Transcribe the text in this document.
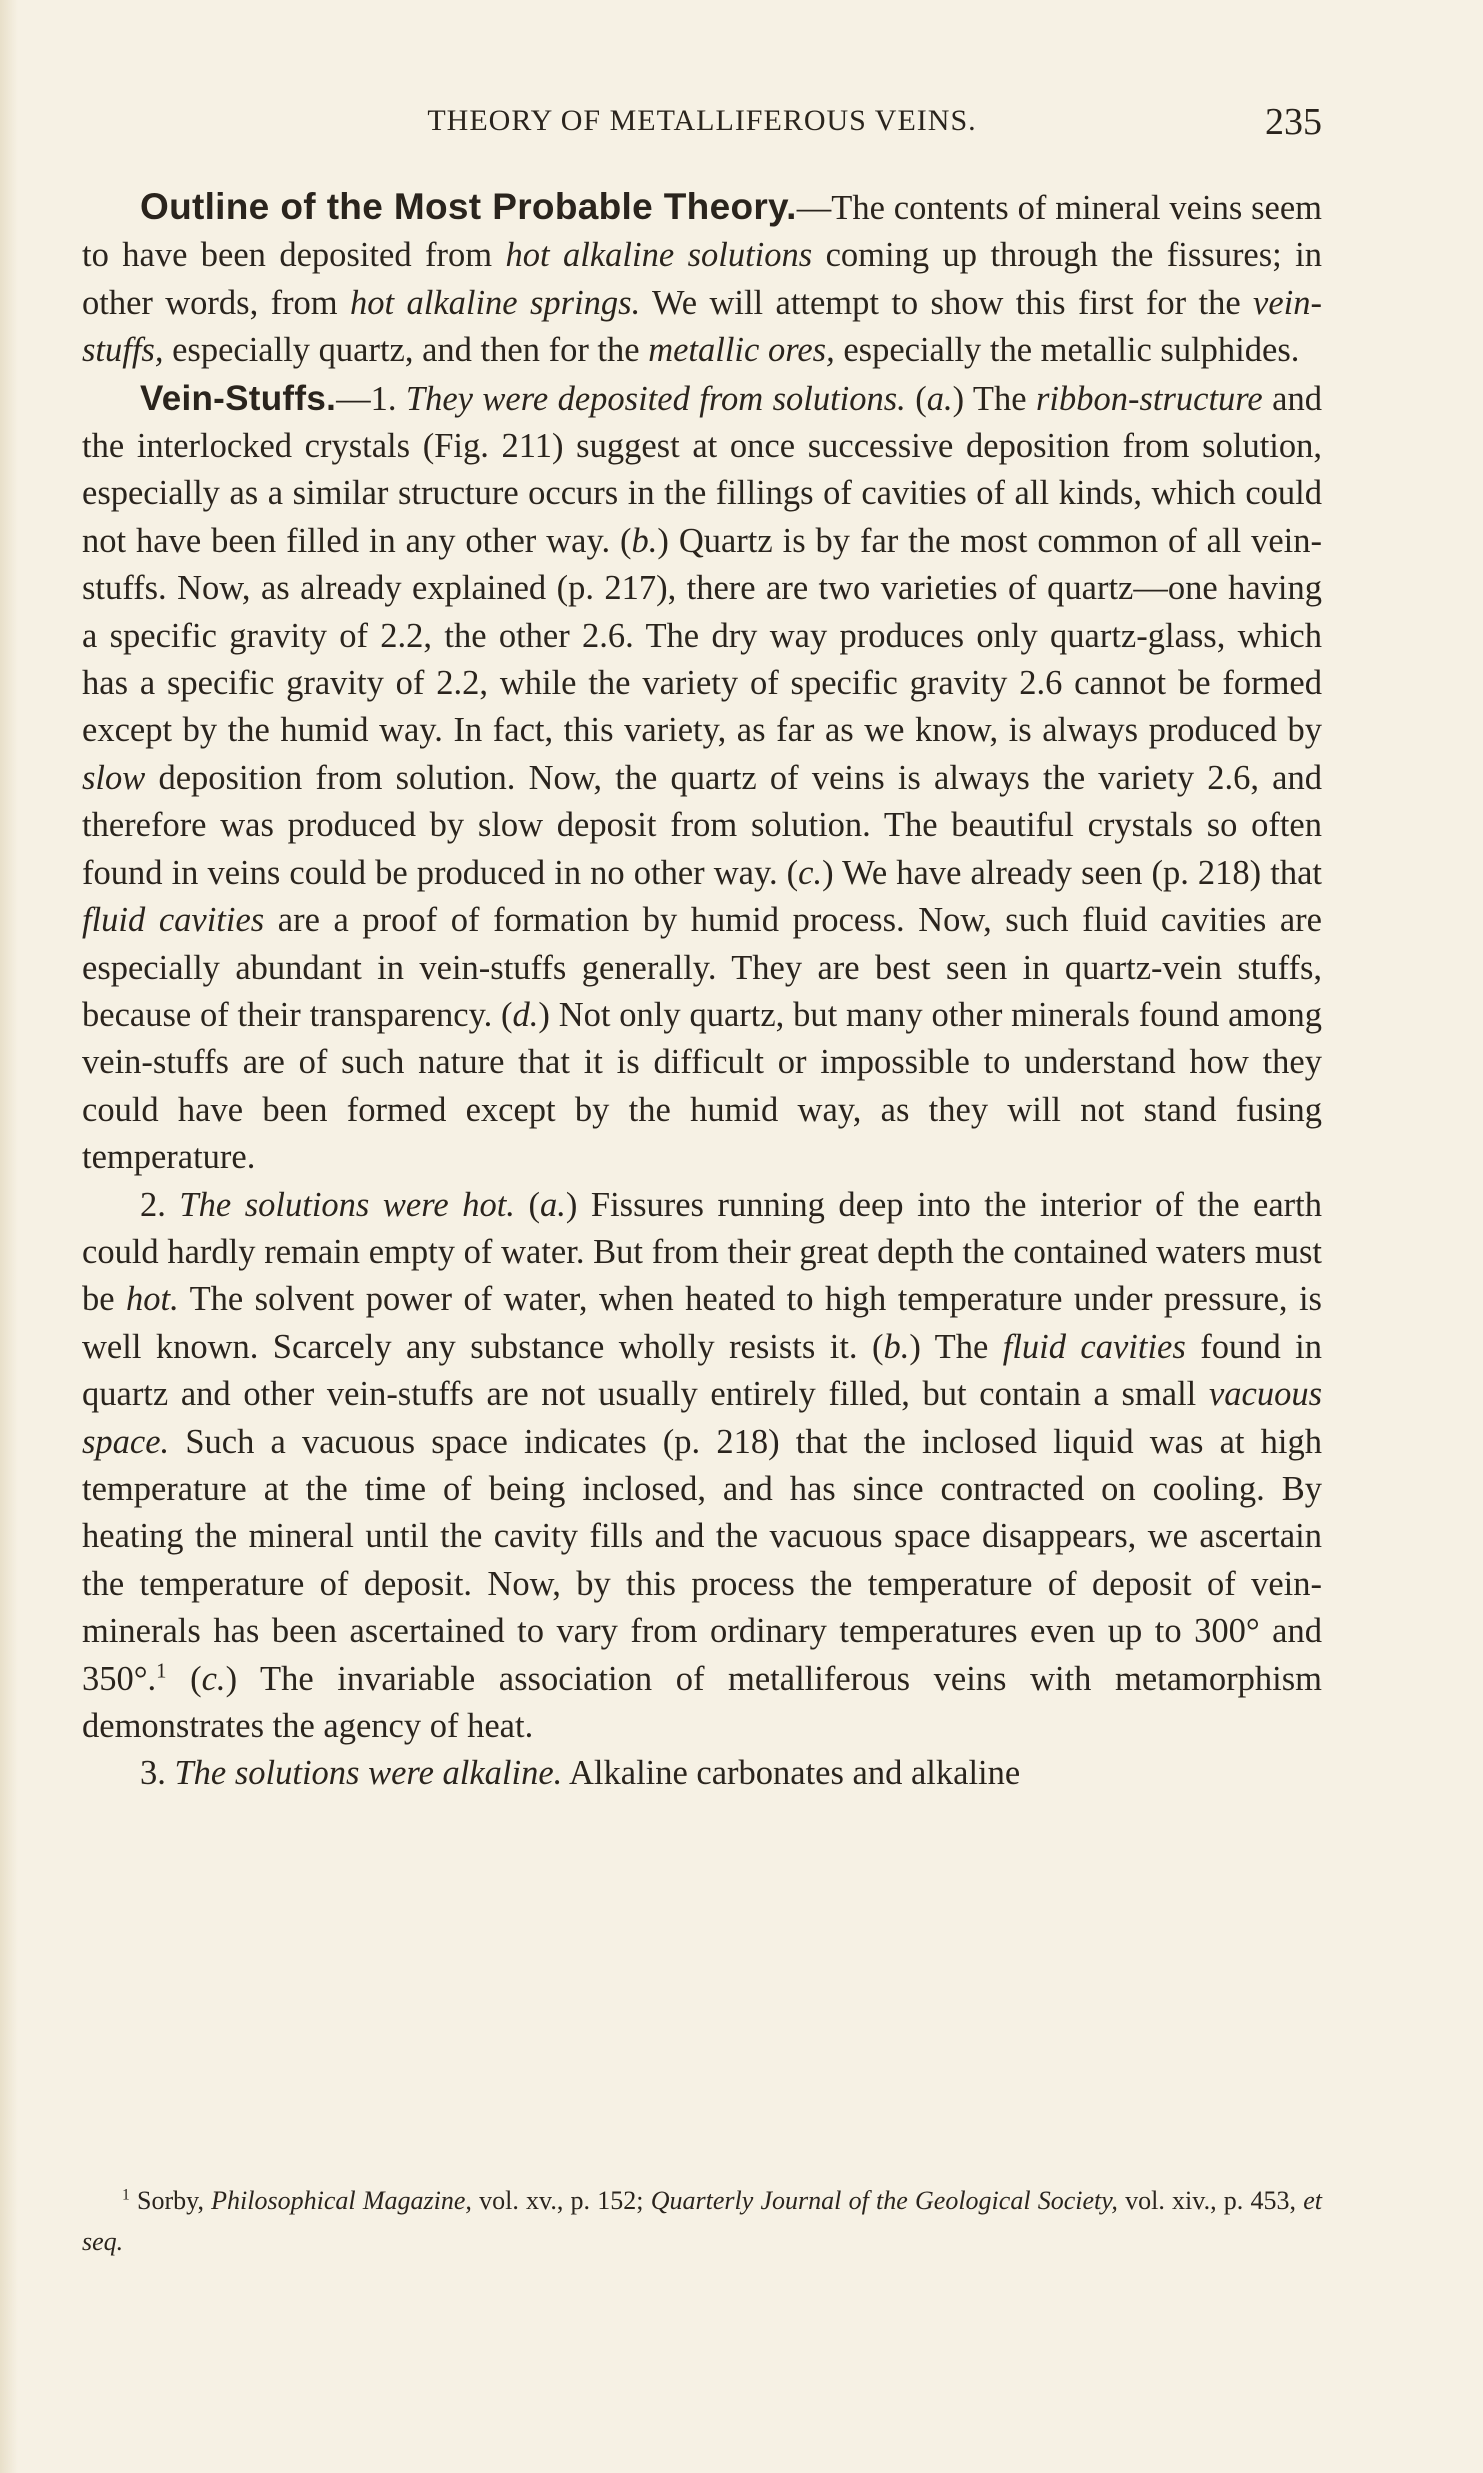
THEORY OF METALLIFEROUS VEINS.	235

Outline of the Most Probable Theory.—The contents of mineral veins seem to have been deposited from hot alkaline solutions coming up through the fissures; in other words, from hot alkaline springs. We will attempt to show this first for the vein-stuffs, especially quartz, and then for the metallic ores, especially the metallic sulphides.

Vein-Stuffs.—1. They were deposited from solutions. (a.) The ribbon-structure and the interlocked crystals (Fig. 211) suggest at once successive deposition from solution, especially as a similar structure occurs in the fillings of cavities of all kinds, which could not have been filled in any other way. (b.) Quartz is by far the most common of all vein-stuffs. Now, as already explained (p. 217), there are two varieties of quartz—one having a specific gravity of 2.2, the other 2.6. The dry way produces only quartz-glass, which has a specific gravity of 2.2, while the variety of specific gravity 2.6 cannot be formed except by the humid way. In fact, this variety, as far as we know, is always produced by slow deposition from solution. Now, the quartz of veins is always the variety 2.6, and therefore was produced by slow deposit from solution. The beautiful crystals so often found in veins could be produced in no other way. (c.) We have already seen (p. 218) that fluid cavities are a proof of formation by humid process. Now, such fluid cavities are especially abundant in vein-stuffs generally. They are best seen in quartz-vein stuffs, because of their transparency. (d.) Not only quartz, but many other minerals found among vein-stuffs are of such nature that it is difficult or impossible to understand how they could have been formed except by the humid way, as they will not stand fusing temperature.

2. The solutions were hot. (a.) Fissures running deep into the interior of the earth could hardly remain empty of water. But from their great depth the contained waters must be hot. The solvent power of water, when heated to high temperature under pressure, is well known. Scarcely any substance wholly resists it. (b.) The fluid cavities found in quartz and other vein-stuffs are not usually entirely filled, but contain a small vacuous space. Such a vacuous space indicates (p. 218) that the inclosed liquid was at high temperature at the time of being inclosed, and has since contracted on cooling. By heating the mineral until the cavity fills and the vacuous space disappears, we ascertain the temperature of deposit. Now, by this process the temperature of deposit of vein-minerals has been ascertained to vary from ordinary temperatures even up to 300° and 350°.$^1$ (c.) The invariable association of metalliferous veins with metamorphism demonstrates the agency of heat.

3. The solutions were alkaline. Alkaline carbonates and alkaline

$^1$ Sorby, Philosophical Magazine, vol. xv., p. 152; Quarterly Journal of the Geological Society, vol. xiv., p. 453, et seq.
